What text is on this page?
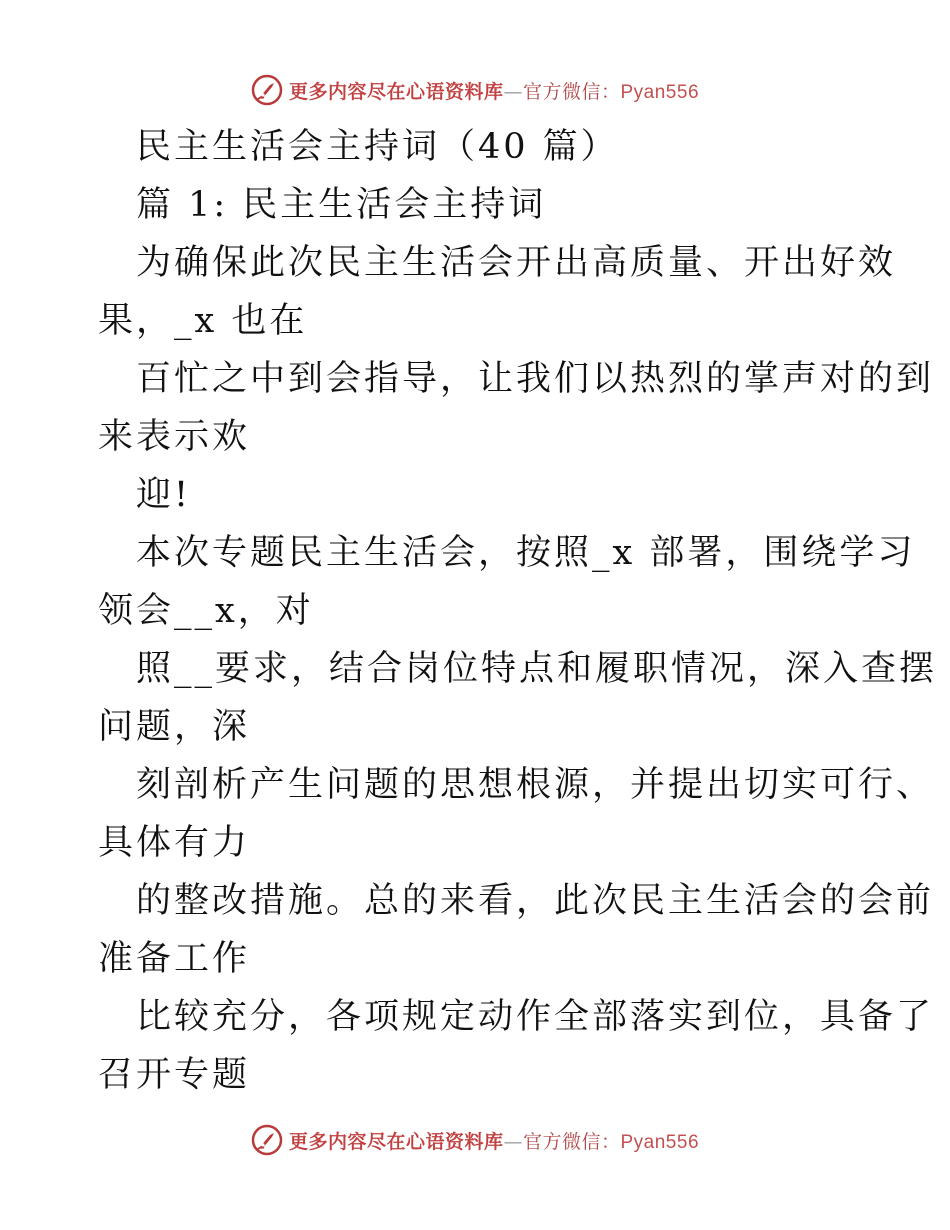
更多内容尽在心语资料库—官方微信：Pyan556
民主生活会主持词（40 篇）
篇 1: 民主生活会主持词
为确保此次民主生活会开出高质量、开出好效
果，_x 也在
百忙之中到会指导，让我们以热烈的掌声对的到
来表示欢
迎!
本次专题民主生活会，按照_x 部署，围绕学习
领会__x，对
照__要求，结合岗位特点和履职情况，深入查摆
问题，深
刻剖析产生问题的思想根源，并提出切实可行、
具体有力
的整改措施。总的来看，此次民主生活会的会前
准备工作
比较充分，各项规定动作全部落实到位，具备了
召开专题
更多内容尽在心语资料库—官方微信：Pyan556
